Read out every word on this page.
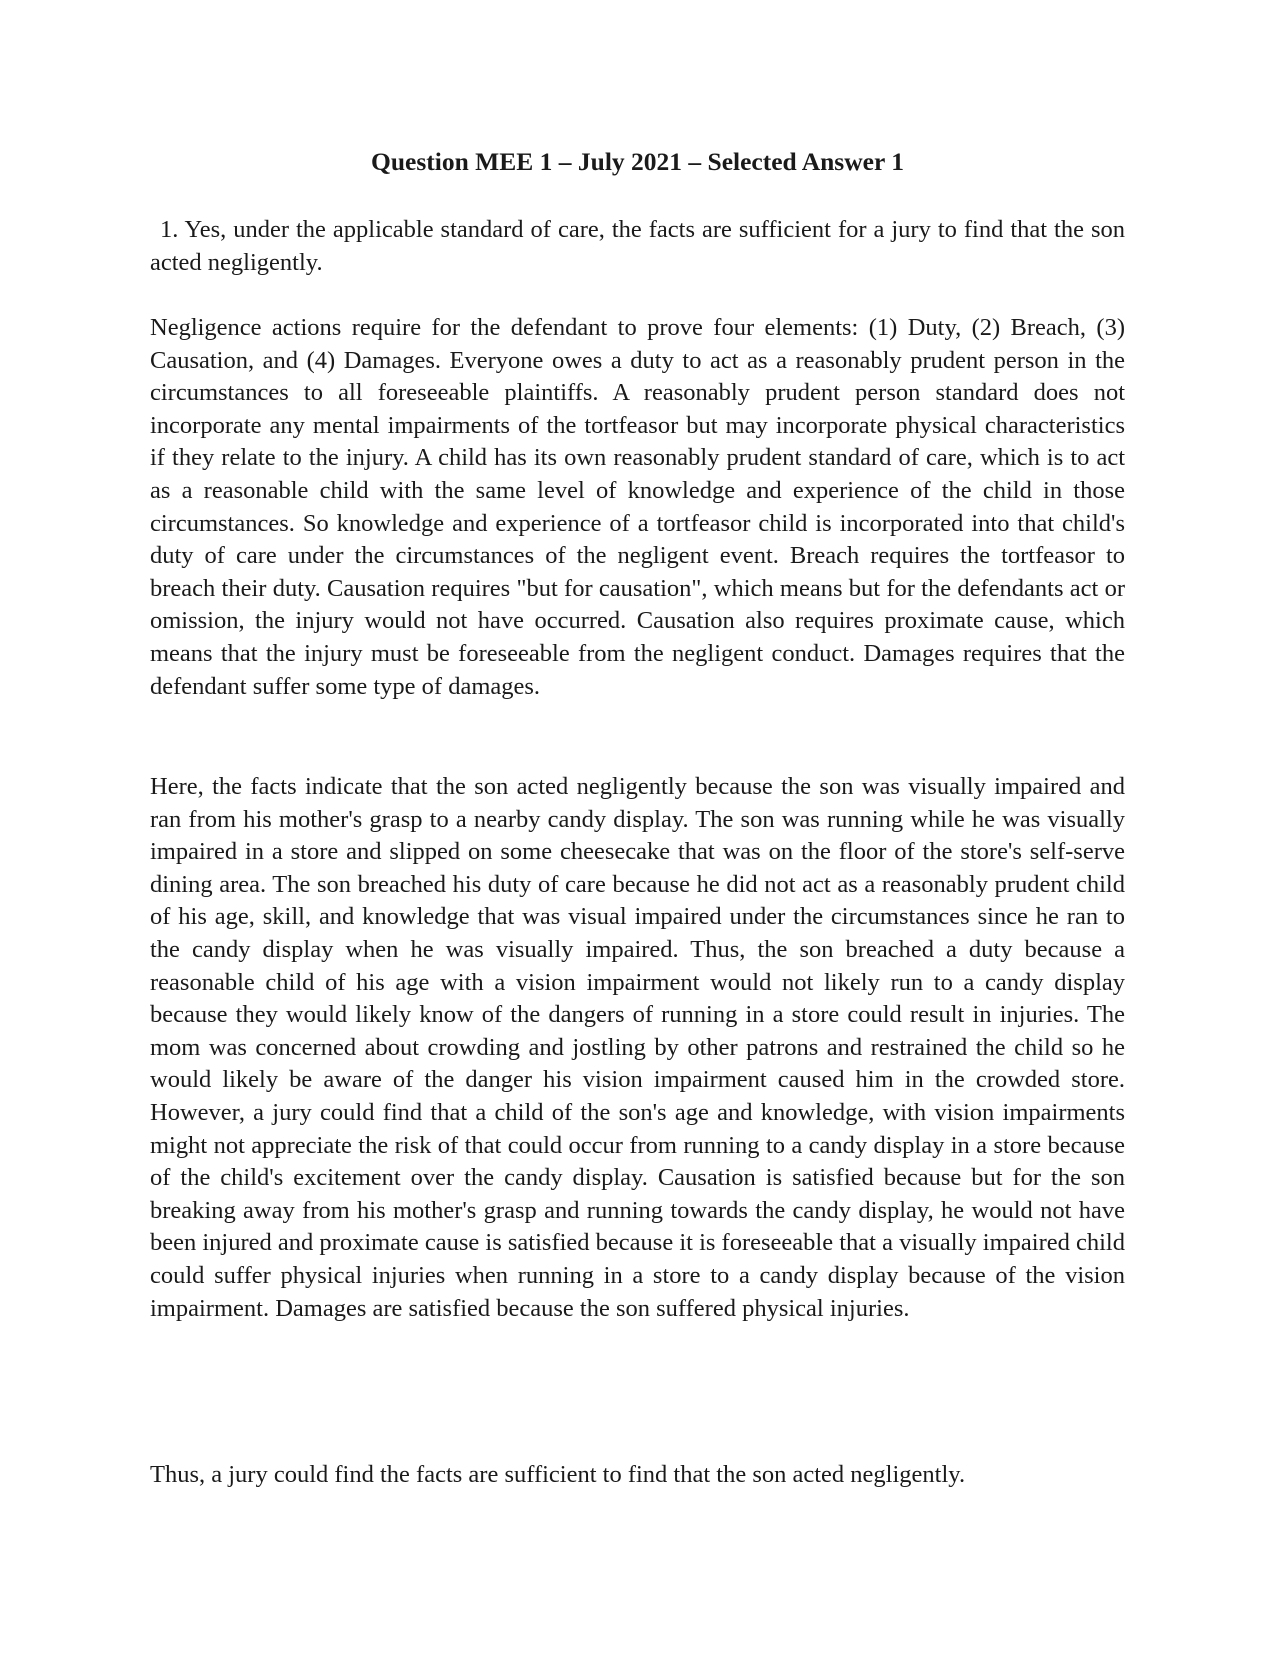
Question MEE 1 – July 2021 – Selected Answer 1

1. Yes, under the applicable standard of care, the facts are sufficient for a jury to find that the son acted negligently.

Negligence actions require for the defendant to prove four elements: (1) Duty, (2) Breach, (3) Causation, and (4) Damages. Everyone owes a duty to act as a reasonably prudent person in the circumstances to all foreseeable plaintiffs. A reasonably prudent person standard does not incorporate any mental impairments of the tortfeasor but may incorporate physical characteristics if they relate to the injury. A child has its own reasonably prudent standard of care, which is to act as a reasonable child with the same level of knowledge and experience of the child in those circumstances. So knowledge and experience of a tortfeasor child is incorporated into that child's duty of care under the circumstances of the negligent event. Breach requires the tortfeasor to breach their duty. Causation requires "but for causation", which means but for the defendants act or omission, the injury would not have occurred. Causation also requires proximate cause, which means that the injury must be foreseeable from the negligent conduct. Damages requires that the defendant suffer some type of damages.

Here, the facts indicate that the son acted negligently because the son was visually impaired and ran from his mother's grasp to a nearby candy display. The son was running while he was visually impaired in a store and slipped on some cheesecake that was on the floor of the store's self-serve dining area. The son breached his duty of care because he did not act as a reasonably prudent child of his age, skill, and knowledge that was visual impaired under the circumstances since he ran to the candy display when he was visually impaired. Thus, the son breached a duty because a reasonable child of his age with a vision impairment would not likely run to a candy display because they would likely know of the dangers of running in a store could result in injuries. The mom was concerned about crowding and jostling by other patrons and restrained the child so he would likely be aware of the danger his vision impairment caused him in the crowded store. However, a jury could find that a child of the son's age and knowledge, with vision impairments might not appreciate the risk of that could occur from running to a candy display in a store because of the child's excitement over the candy display. Causation is satisfied because but for the son breaking away from his mother's grasp and running towards the candy display, he would not have been injured and proximate cause is satisfied because it is foreseeable that a visually impaired child could suffer physical injuries when running in a store to a candy display because of the vision impairment. Damages are satisfied because the son suffered physical injuries.

Thus, a jury could find the facts are sufficient to find that the son acted negligently.
